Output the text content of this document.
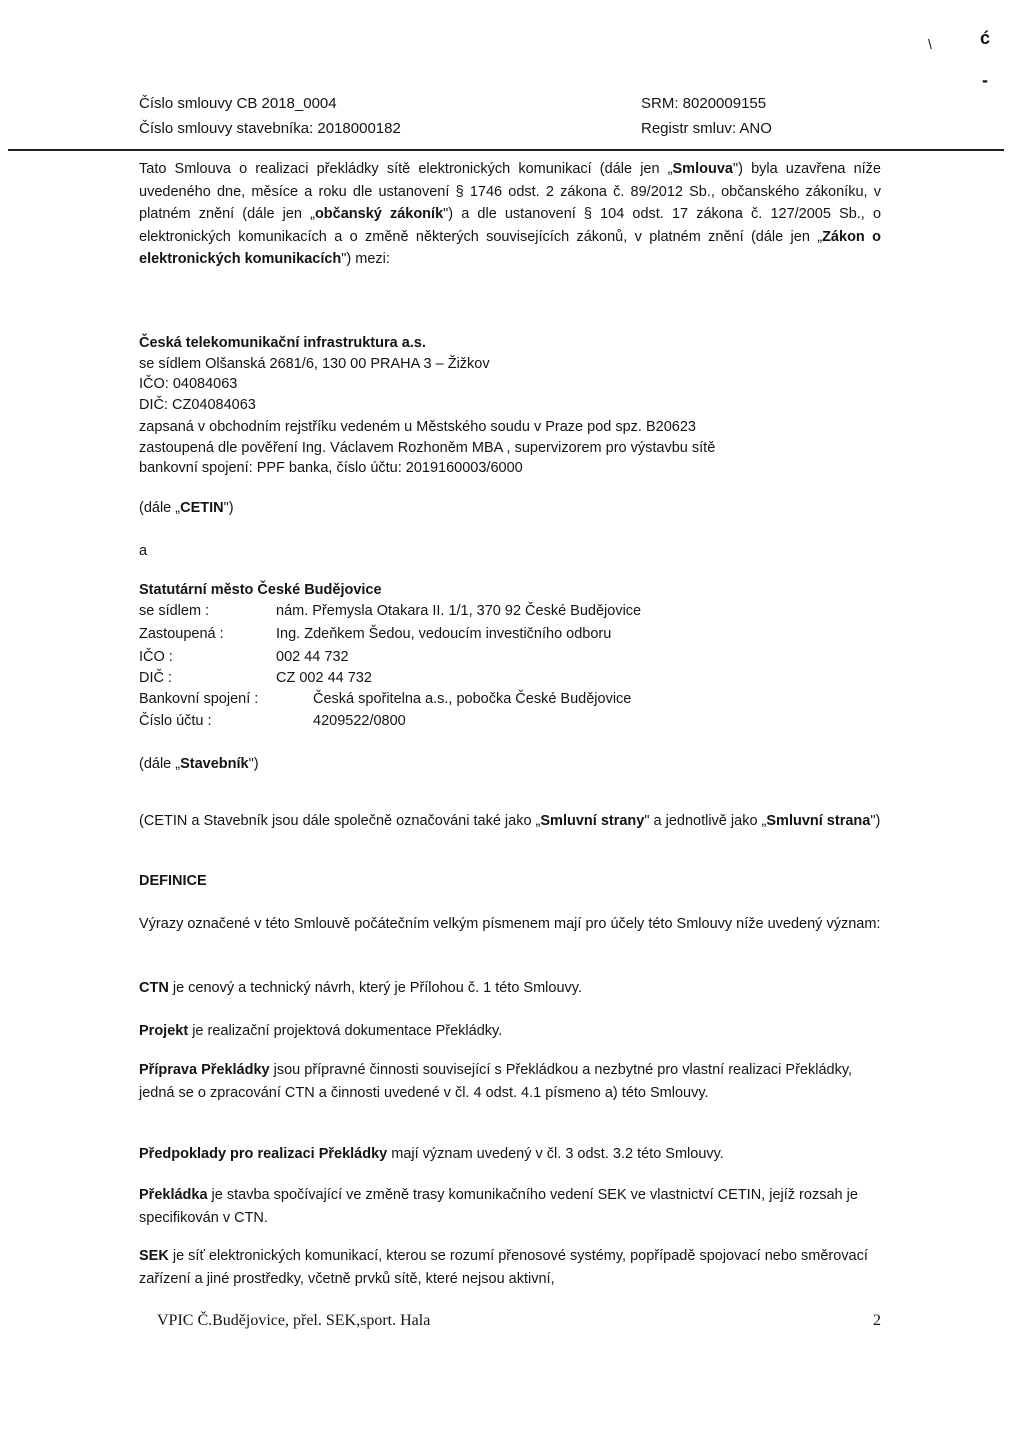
\	ć
-
Číslo smlouvy CB 2018_0004
Číslo smlouvy stavebníka: 2018000182
SRM: 8020009155
Registr smluv: ANO
Tato Smlouva o realizaci překládky sítě elektronických komunikací (dále jen „Smlouva") byla uzavřena níže uvedeného dne, měsíce a roku dle ustanovení § 1746 odst. 2 zákona č. 89/2012 Sb., občanského zákoníku, v platném znění (dále jen „občanský zákoník") a dle ustanovení § 104 odst. 17 zákona č. 127/2005 Sb., o elektronických komunikacích a o změně některých souvisejících zákonů, v platném znění (dále jen „Zákon o elektronických komunikacích") mezi:
Česká telekomunikační infrastruktura a.s.
se sídlem Olšanská 2681/6, 130 00 PRAHA 3 – Žižkov
IČO: 04084063
DIČ: CZ04084063
zapsaná v obchodním rejstříku vedeném u Městského soudu v Praze pod spz. B20623
zastoupená dle pověření Ing. Václavem Rozhoněm MBA , supervizorem pro výstavbu sítě
bankovní spojení: PPF banka, číslo účtu: 2019160003/6000
(dále „CETIN")
a
Statutární město České Budějovice
se sídlem :	nám. Přemysla Otakara II. 1/1, 370 92 České Budějovice
Zastoupená :	Ing. Zdeňkem Šedou, vedoucím investičního odboru
IČO :	002 44 732
DIČ :	CZ 002 44 732
Bankovní spojení :	Česká spořitelna a.s., pobočka České Budějovice
Číslo účtu :	4209522/0800
(dále „Stavebník")
(CETIN a Stavebník jsou dále společně označováni také jako „Smluvní strany" a jednotlivě jako „Smluvní strana")
DEFINICE
Výrazy označené v této Smlouvě počátečním velkým písmenem mají pro účely této Smlouvy níže uvedený význam:
CTN je cenový a technický návrh, který je Přílohou č. 1 této Smlouvy.
Projekt je realizační projektová dokumentace Překládky.
Příprava Překládky jsou přípravné činnosti související s Překládkou a nezbytné pro vlastní realizaci Překládky, jedná se o zpracování CTN a činnosti uvedené v čl. 4 odst. 4.1 písmeno a) této Smlouvy.
Předpoklady pro realizaci Překládky mají význam uvedený v čl. 3 odst. 3.2 této Smlouvy.
Překládka je stavba spočívající ve změně trasy komunikačního vedení SEK ve vlastnictví CETIN, jejíž rozsah je specifikován v CTN.
SEK je síť elektronických komunikací, kterou se rozumí přenosové systémy, popřípadě spojovací nebo směrovací zařízení a jiné prostředky, včetně prvků sítě, které nejsou aktivní,
VPIC Č.Budějovice, přel. SEK,sport. Hala	2
